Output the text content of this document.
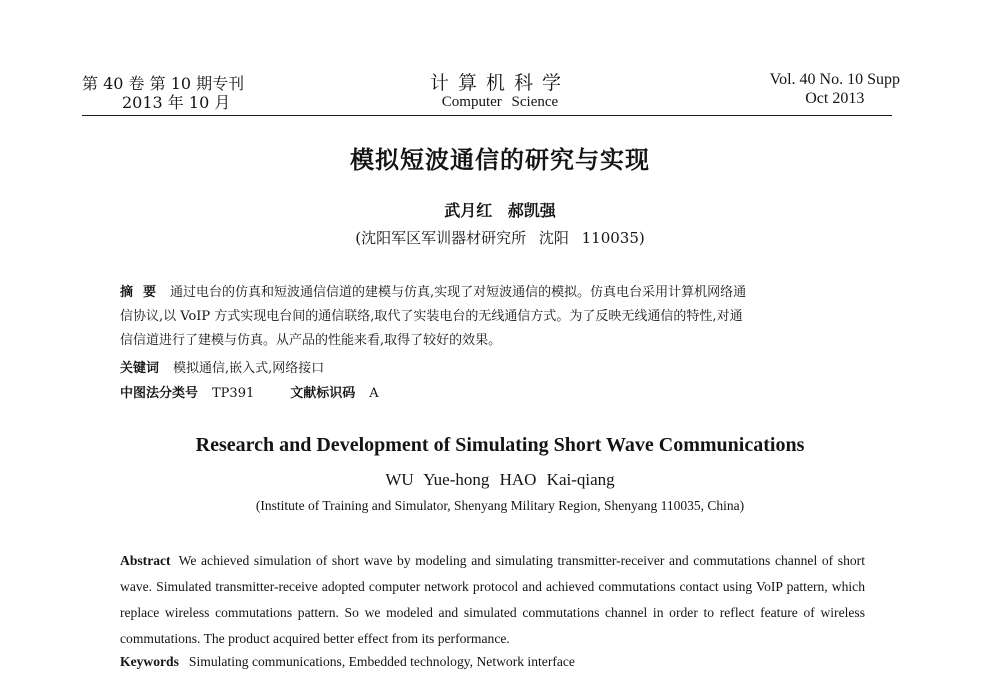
第 40 卷 第 10 期专刊
2013 年 10 月
计算机科学
Computer Science
Vol. 40 No. 10 Supp
Oct 2013
模拟短波通信的研究与实现
武月红 郝凯强
(沈阳军区军训器材研究所 沈阳 110035)
摘要 通过电台的仿真和短波通信信道的建模与仿真,实现了对短波通信的模拟。仿真电台采用计算机网络通
信协议,以 VoIP 方式实现电台间的通信联络,取代了实装电台的无线通信方式。为了反映无线通信的特性,对通
信信道进行了建模与仿真。从产品的性能来看,取得了较好的效果。
关键词 模拟通信,嵌入式,网络接口
中图法分类号 TP391	文献标识码 A
Research and Development of Simulating Short Wave Communications
WU Yue-hong HAO Kai-qiang
(Institute of Training and Simulator, Shenyang Military Region, Shenyang 110035, China)
Abstract We achieved simulation of short wave by modeling and simulating transmitter-receiver and commutations channel of short wave. Simulated transmitter-receive adopted computer network protocol and achieved commutations contact using VoIP pattern, which replace wireless commutations pattern. So we modeled and simulated commutations channel in order to reflect feature of wireless commutations. The product acquired better effect from its performance.
Keywords Simulating communications, Embedded technology, Network interface
